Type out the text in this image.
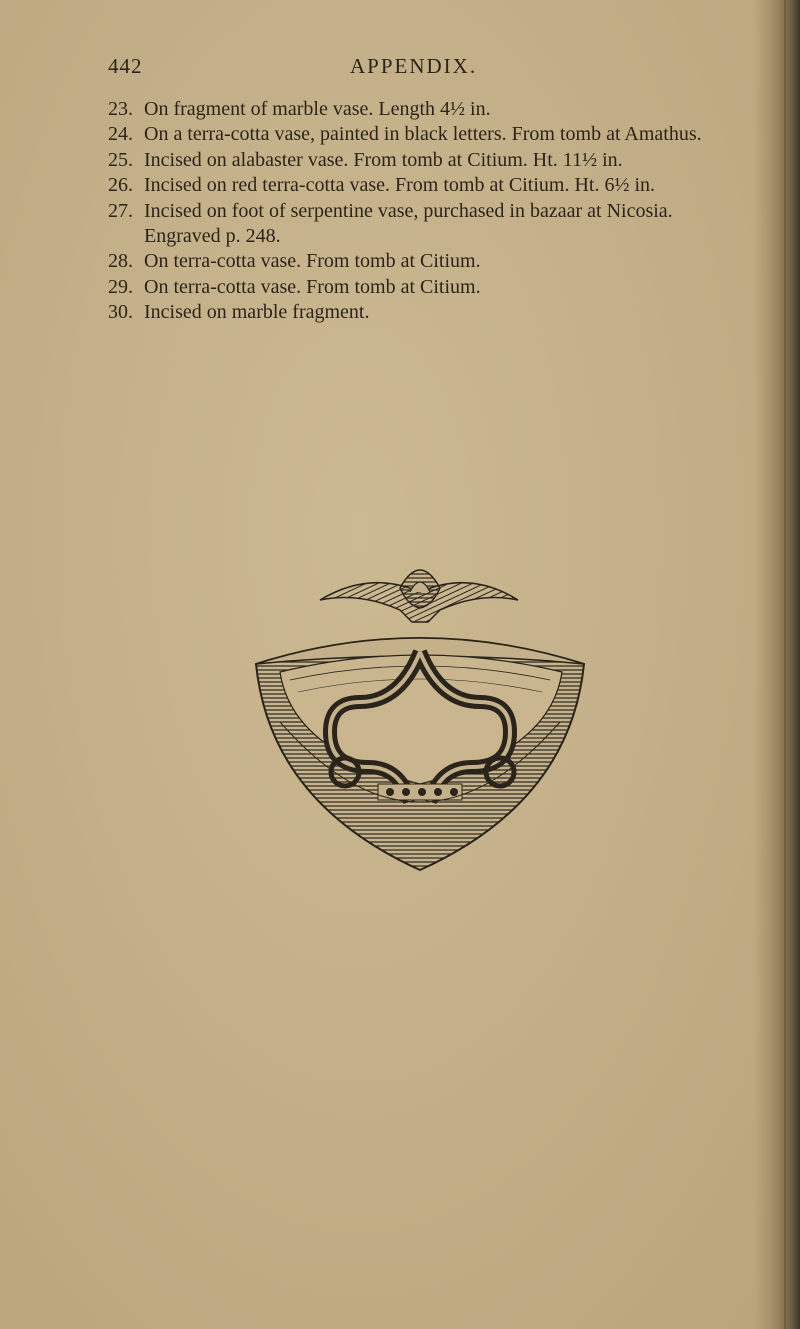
442	APPENDIX.
23. On fragment of marble vase. Length 4½ in.
24. On a terra-cotta vase, painted in black letters. From tomb at Amathus.
25. Incised on alabaster vase. From tomb at Citium. Ht. 11½ in.
26. Incised on red terra-cotta vase. From tomb at Citium. Ht. 6½ in.
27. Incised on foot of serpentine vase, purchased in bazaar at Nicosia. Engraved p. 248.
28. On terra-cotta vase. From tomb at Citium.
29. On terra-cotta vase. From tomb at Citium.
30. Incised on marble fragment.
